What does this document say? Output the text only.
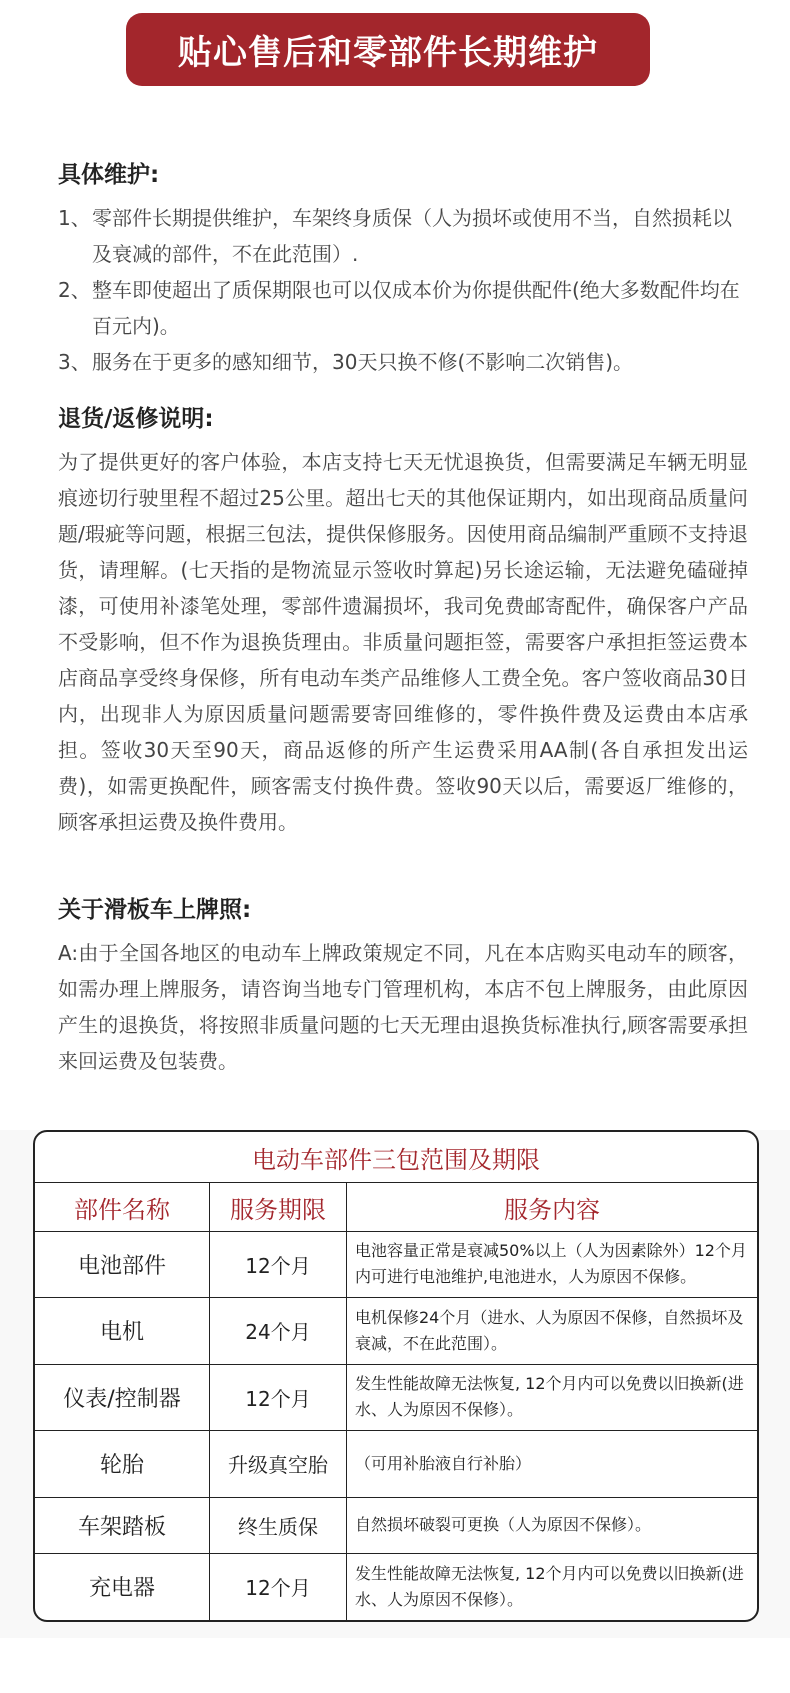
贴心售后和零部件长期维护
具体维护:
1、 零部件长期提供维护，车架终身质保（人为损坏或使用不当，自然损耗以及衰减的部件，不在此范围）.
2、 整车即使超出了质保期限也可以仅成本价为你提供配件(绝大多数配件均在百元内)。
3、 服务在于更多的感知细节，30天只换不修(不影响二次销售)。
退货/返修说明:

为了提供更好的客户体验，本店支持七天无忧退换货，但需要满足车辆无明显痕迹切行驶里程不超过25公里。超出七天的其他保证期内，如出现商品质量问题/瑕疵等问题，根据三包法，提供保修服务。因使用商品编制严重顾不支持退货，请理解。(七天指的是物流显示签收时算起)另长途运输，无法避免磕碰掉漆，可使用补漆笔处理，零部件遗漏损坏，我司免费邮寄配件，确保客户产品不受影响，但不作为退换货理由。非质量问题拒签，需要客户承担拒签运费本店商品享受终身保修，所有电动车类产品维修人工费全免。客户签收商品30日内，出现非人为原因质量问题需要寄回维修的，零件换件费及运费由本店承担。签收30天至90天，商品返修的所产生运费采用AA制(各自承担发出运费)，如需更换配件，顾客需支付换件费。签收90天以后，需要返厂维修的，顾客承担运费及换件费用。

关于滑板车上牌照:

A:由于全国各地区的电动车上牌政策规定不同，凡在本店购买电动车的顾客，如需办理上牌服务，请咨询当地专门管理机构，本店不包上牌服务，由此原因产生的退换货，将按照非质量问题的七天无理由退换货标准执行,顾客需要承担来回运费及包装费。

电动车部件三包范围及期限		
部件名称	服务期限	服务内容
电池部件	12个月	电池容量正常是衰减50%以上（人为因素除外）12个月内可进行电池维护,电池进水，人为原因不保修。
电机	24个月	电机保修24个月（进水、人为原因不保修，自然损坏及衰减，不在此范围）。
仪表/控制器	12个月	发生性能故障无法恢复, 12个月内可以免费以旧换新(进水、人为原因不保修）。
轮胎	升级真空胎	（可用补胎液自行补胎）
车架踏板	终生质保	自然损坏破裂可更换（人为原因不保修）。
充电器	12个月	发生性能故障无法恢复, 12个月内可以免费以旧换新(进水、人为原因不保修）。
